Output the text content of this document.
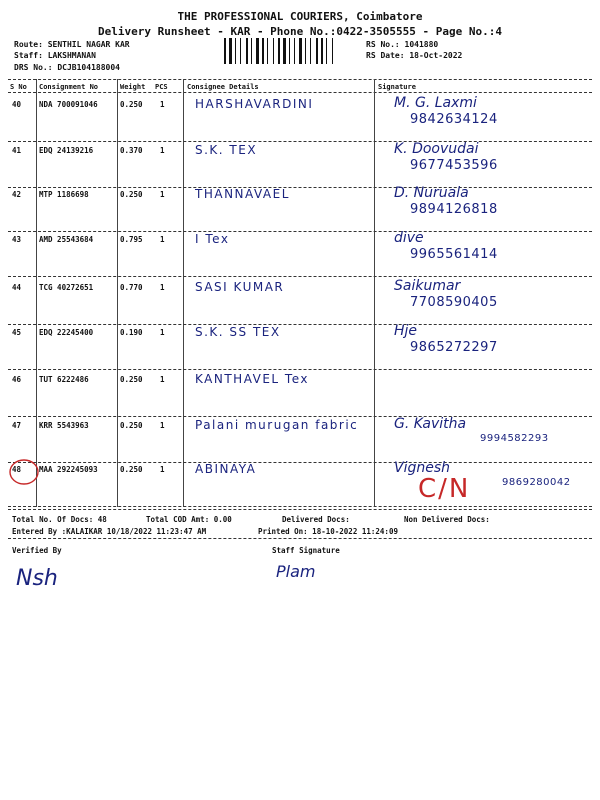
THE PROFESSIONAL COURIERS, Coimbatore
Delivery Runsheet - KAR - Phone No.:0422-3505555 - Page No.:4
Route: SENTHIL NAGAR KAR
Staff: LAKSHMANAN
DRS No.: DCJB104188004
RS No.: 1041880
RS Date: 18-Oct-2022
S No Consignment No	Weight PCS	Consignee Details	Signature
40 NDA 700091046	0.250 1	HARSHAVARDINI	M. G. Laxmi
9842634124
41 EDQ 24139216	0.370 1	S.K. TEX	K. Doovudai
9677453596
42 MTP 1186698	0.250 1	THANNAVAEL	D. Nuruala
9894126818
43 AMD 25543684	0.795 1	I Tex	dive
9965561414
44 TCG 40272651	0.770 1	SASI KUMAR	Saikumar
7708590405
45 EDQ 22245400	0.190 1	S.K. SS TEX	Hje
9865272297
46 TUT 6222486	0.250 1	KANTHAVEL Tex
47 KRR 5543963	0.250 1	Palani murugan fabric	G. Kavitha
9994582293
48 MAA 292245093	0.250 1	ABINAYA	Vignesh
9869280042
C/N
Total No. Of Docs: 48	Total COD Amt: 0.00	Delivered Docs:	Non Delivered Docs:
Entered By :KALAIKAR 10/18/2022 11:23:47 AM	Printed On: 18-10-2022 11:24:09
Verified By	Staff Signature
Nsh	Plam
